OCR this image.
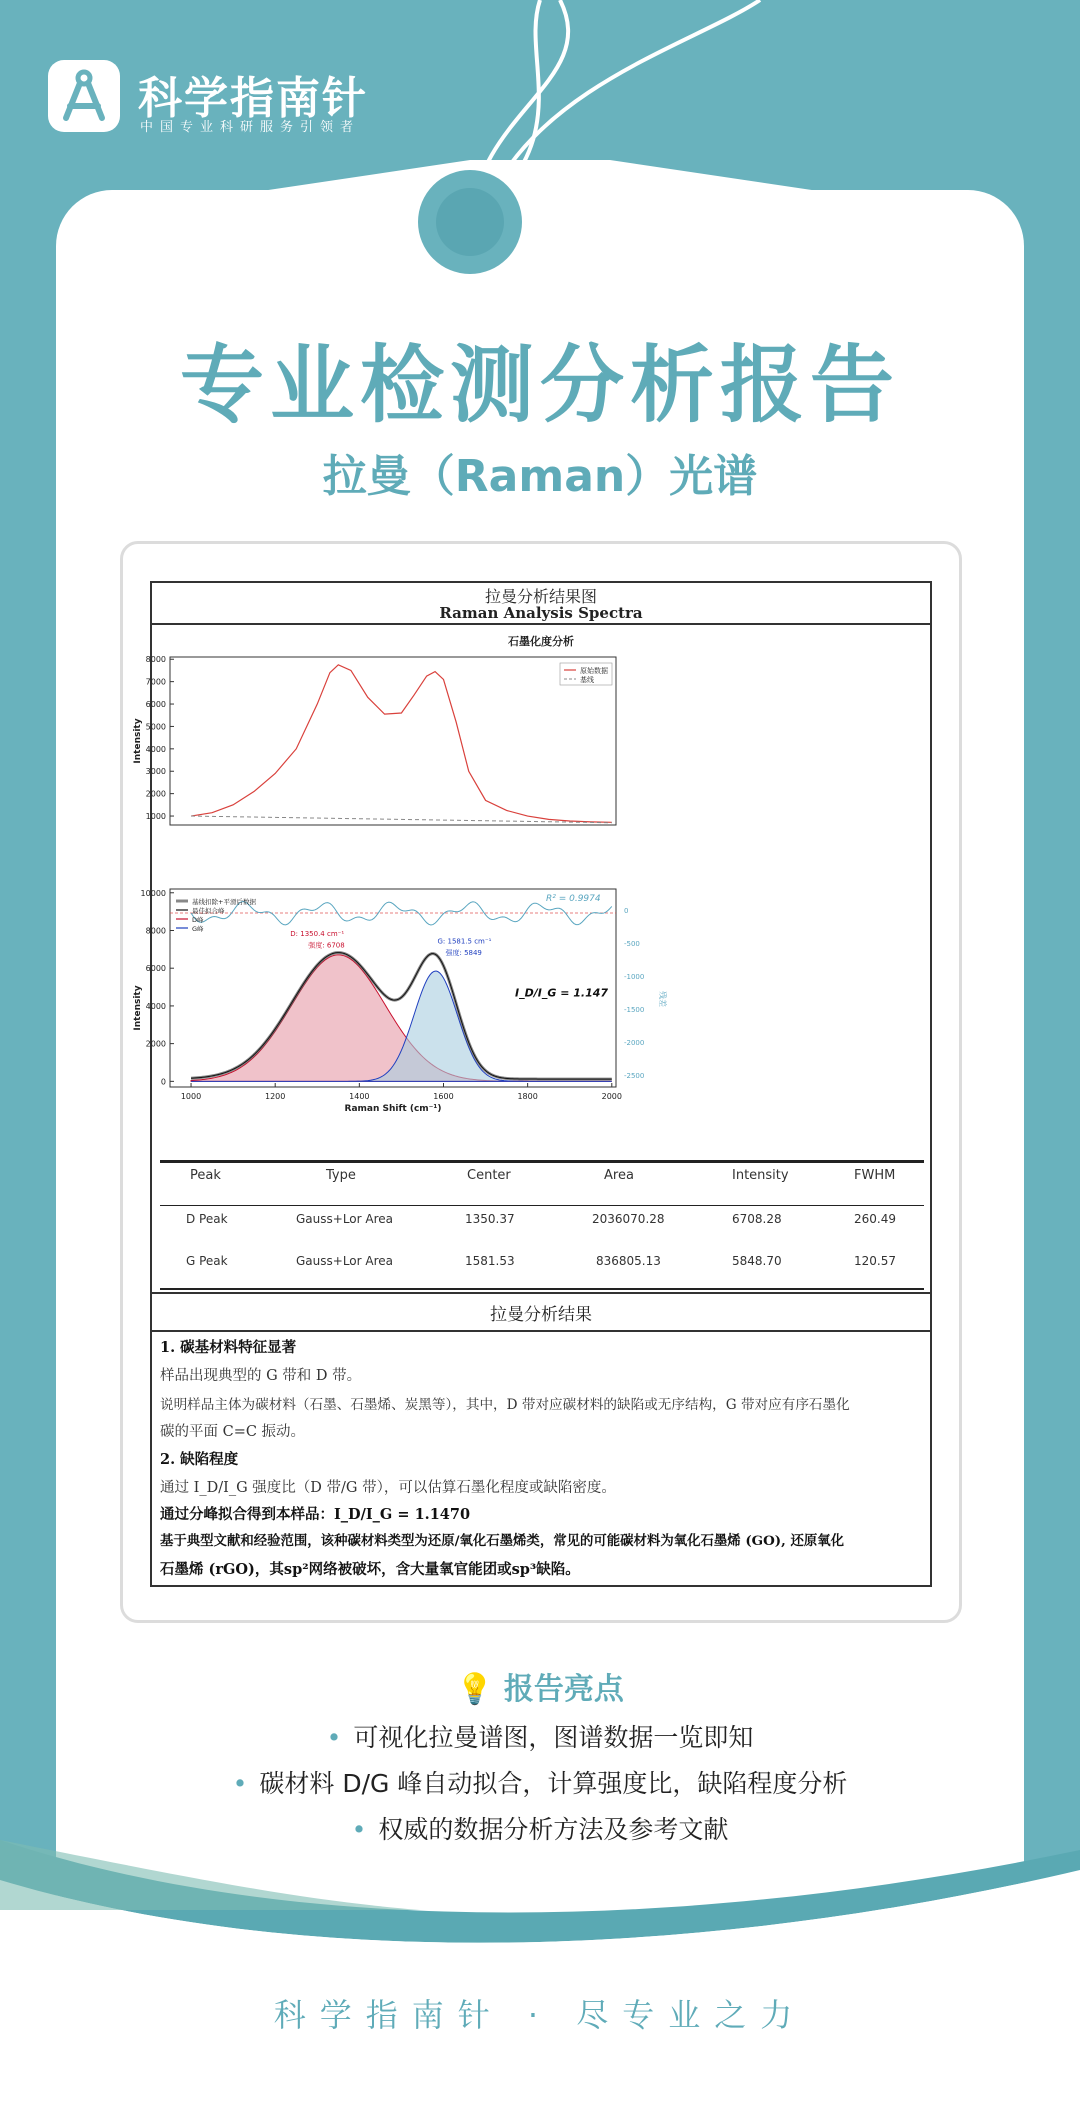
科学指南针
中国专业科研服务引领者
专业检测分析报告
拉曼（Raman）光谱
拉曼分析结果图
Raman Analysis Spectra
石墨化度分析
1000
2000
3000
4000
5000
6000
7000
8000
Intensity
原始数据
基线
0
2000
4000
6000
8000
10000
1000	1200	1400	1600	1800	2000
Raman Shift (cm⁻¹)
Intensity
0
-500
-1000
-1500
-2000
-2500
残差
R² = 0.9974
D: 1350.4 cm⁻¹
强度: 6708	G: 1581.5 cm⁻¹
强度: 5849
I_D/I_G = 1.147
基线扣除+平滑后数据
最佳拟合峰
D峰
G峰
Peak	Type	Center	Area	Intensity	FWHM
D Peak	Gauss+Lor Area	1350.37	2036070.28	6708.28	260.49
G Peak	Gauss+Lor Area	1581.53	836805.13	5848.70	120.57
拉曼分析结果
1. 碳基材料特征显著
样品出现典型的 G 带和 D 带。
说明样品主体为碳材料（石墨、石墨烯、炭黑等），其中，D 带对应碳材料的缺陷或无序结构，G 带对应有序石墨化
碳的平面 C=C 振动。
2. 缺陷程度
通过 I_D/I_G 强度比（D 带/G 带），可以估算石墨化程度或缺陷密度。
通过分峰拟合得到本样品：I_D/I_G = 1.1470
基于典型文献和经验范围，该种碳材料类型为还原/氧化石墨烯类，常见的可能碳材料为氧化石墨烯 (GO), 还原氧化
石墨烯 (rGO)，其sp²网络被破坏，含大量氧官能团或sp³缺陷。
💡 报告亮点
• 可视化拉曼谱图，图谱数据一览即知
• 碳材料 D/G 峰自动拟合，计算强度比，缺陷程度分析
• 权威的数据分析方法及参考文献
科学指南针 · 尽专业之力
